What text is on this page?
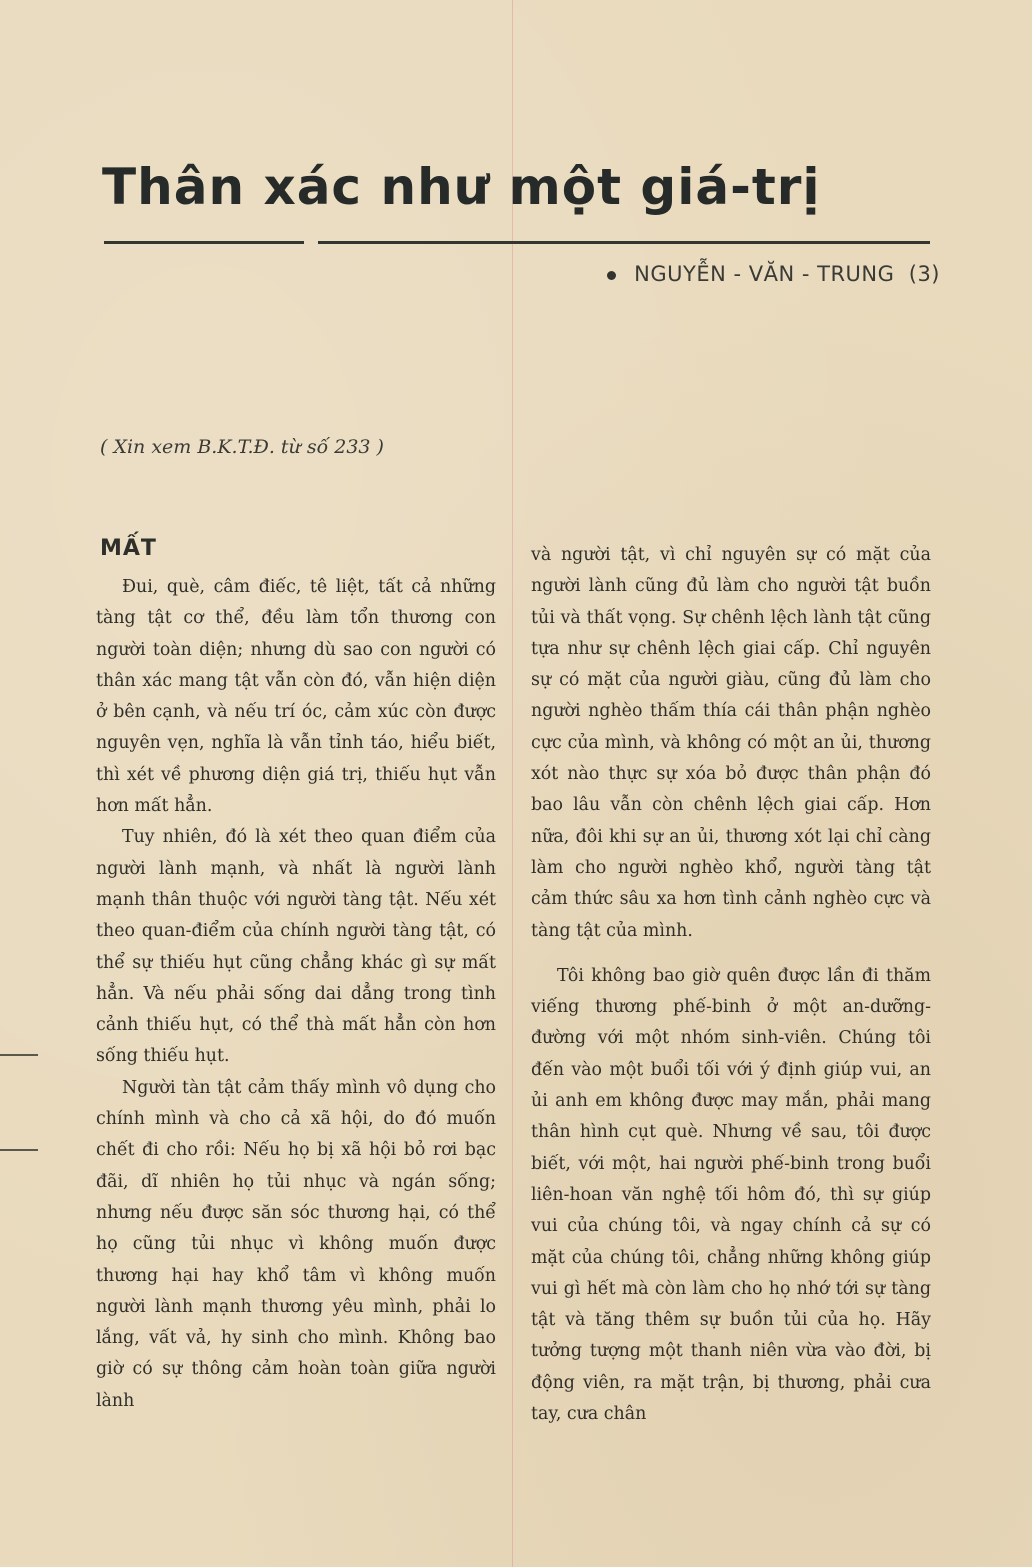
Thân xác như một giá-trị
NGUYỄN - VĂN - TRUNG (3)
( Xin xem B.K.T.Đ. từ số 233 )
MẤT

Đui, què, câm điếc, tê liệt, tất cả những tàng tật cơ thể, đều làm tổn thương con người toàn diện; nhưng dù sao con người có thân xác mang tật vẫn còn đó, vẫn hiện diện ở bên cạnh, và nếu trí óc, cảm xúc còn được nguyên vẹn, nghĩa là vẫn tỉnh táo, hiểu biết, thì xét về phương diện giá trị, thiếu hụt vẫn hơn mất hẳn.

Tuy nhiên, đó là xét theo quan điểm của người lành mạnh, và nhất là người lành mạnh thân thuộc với người tàng tật. Nếu xét theo quan-điểm của chính người tàng tật, có thể sự thiếu hụt cũng chẳng khác gì sự mất hẳn. Và nếu phải sống dai dẳng trong tình cảnh thiếu hụt, có thể thà mất hẳn còn hơn sống thiếu hụt.

Người tàn tật cảm thấy mình vô dụng cho chính mình và cho cả xã hội, do đó muốn chết đi cho rồi: Nếu họ bị xã hội bỏ rơi bạc đãi, dĩ nhiên họ tủi nhục và ngán sống; nhưng nếu được săn sóc thương hại, có thể họ cũng tủi nhục vì không muốn được thương hại hay khổ tâm vì không muốn người lành mạnh thương yêu mình, phải lo lắng, vất vả, hy sinh cho mình. Không bao giờ có sự thông cảm hoàn toàn giữa người lành

và người tật, vì chỉ nguyên sự có mặt của người lành cũng đủ làm cho người tật buồn tủi và thất vọng. Sự chênh lệch lành tật cũng tựa như sự chênh lệch giai cấp. Chỉ nguyên sự có mặt của người giàu, cũng đủ làm cho người nghèo thấm thía cái thân phận nghèo cực của mình, và không có một an ủi, thương xót nào thực sự xóa bỏ được thân phận đó bao lâu vẫn còn chênh lệch giai cấp. Hơn nữa, đôi khi sự an ủi, thương xót lại chỉ càng làm cho người nghèo khổ, người tàng tật cảm thức sâu xa hơn tình cảnh nghèo cực và tàng tật của mình.

Tôi không bao giờ quên được lần đi thăm viếng thương phế-binh ở một an-dưỡng-đường với một nhóm sinh-viên. Chúng tôi đến vào một buổi tối với ý định giúp vui, an ủi anh em không được may mắn, phải mang thân hình cụt què. Nhưng về sau, tôi được biết, với một, hai người phế-binh trong buổi liên-hoan văn nghệ tối hôm đó, thì sự giúp vui của chúng tôi, và ngay chính cả sự có mặt của chúng tôi, chẳng những không giúp vui gì hết mà còn làm cho họ nhớ tới sự tàng tật và tăng thêm sự buồn tủi của họ. Hãy tưởng tượng một thanh niên vừa vào đời, bị động viên, ra mặt trận, bị thương, phải cưa tay, cưa chân
